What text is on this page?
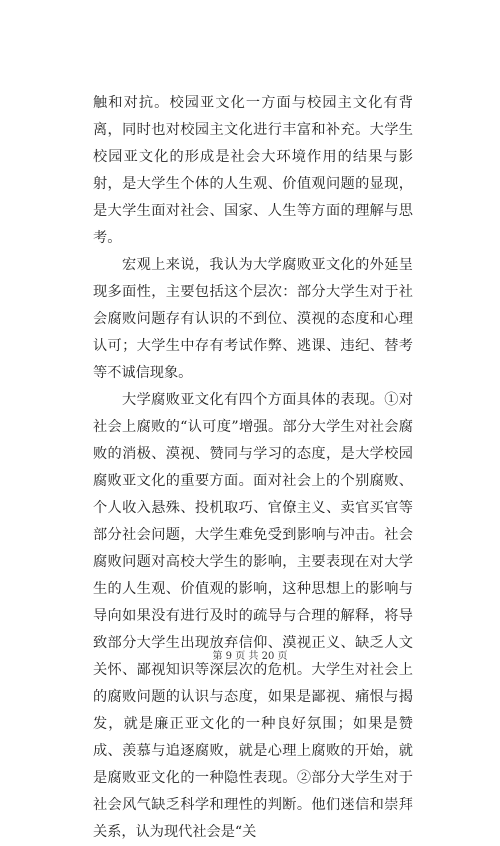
触和对抗。校园亚文化一方面与校园主文化有背离，同时也对校园主文化进行丰富和补充。大学生校园亚文化的形成是社会大环境作用的结果与影射，是大学生个体的人生观、价值观问题的显现，是大学生面对社会、国家、人生等方面的理解与思考。

宏观上来说，我认为大学腐败亚文化的外延呈现多面性，主要包括这个层次：部分大学生对于社会腐败问题存有认识的不到位、漠视的态度和心理认可；大学生中存有考试作弊、逃课、违纪、替考等不诚信现象。

大学腐败亚文化有四个方面具体的表现。①对社会上腐败的“认可度”增强。部分大学生对社会腐败的消极、漠视、赞同与学习的态度，是大学校园腐败亚文化的重要方面。面对社会上的个别腐败、个人收入悬殊、投机取巧、官僚主义、卖官买官等部分社会问题，大学生难免受到影响与冲击。社会腐败问题对高校大学生的影响，主要表现在对大学生的人生观、价值观的影响，这种思想上的影响与导向如果没有进行及时的疏导与合理的解释，将导致部分大学生出现放弃信仰、漠视正义、缺乏人文关怀、鄙视知识等深层次的危机。大学生对社会上的腐败问题的认识与态度，如果是鄙视、痛恨与揭发，就是廉正亚文化的一种良好氛围；如果是赞成、羡慕与追逐腐败，就是心理上腐败的开始，就是腐败亚文化的一种隐性表现。②部分大学生对于社会风气缺乏科学和理性的判断。他们迷信和崇拜关系，认为现代社会是“关

第 9 页 共 20 页
